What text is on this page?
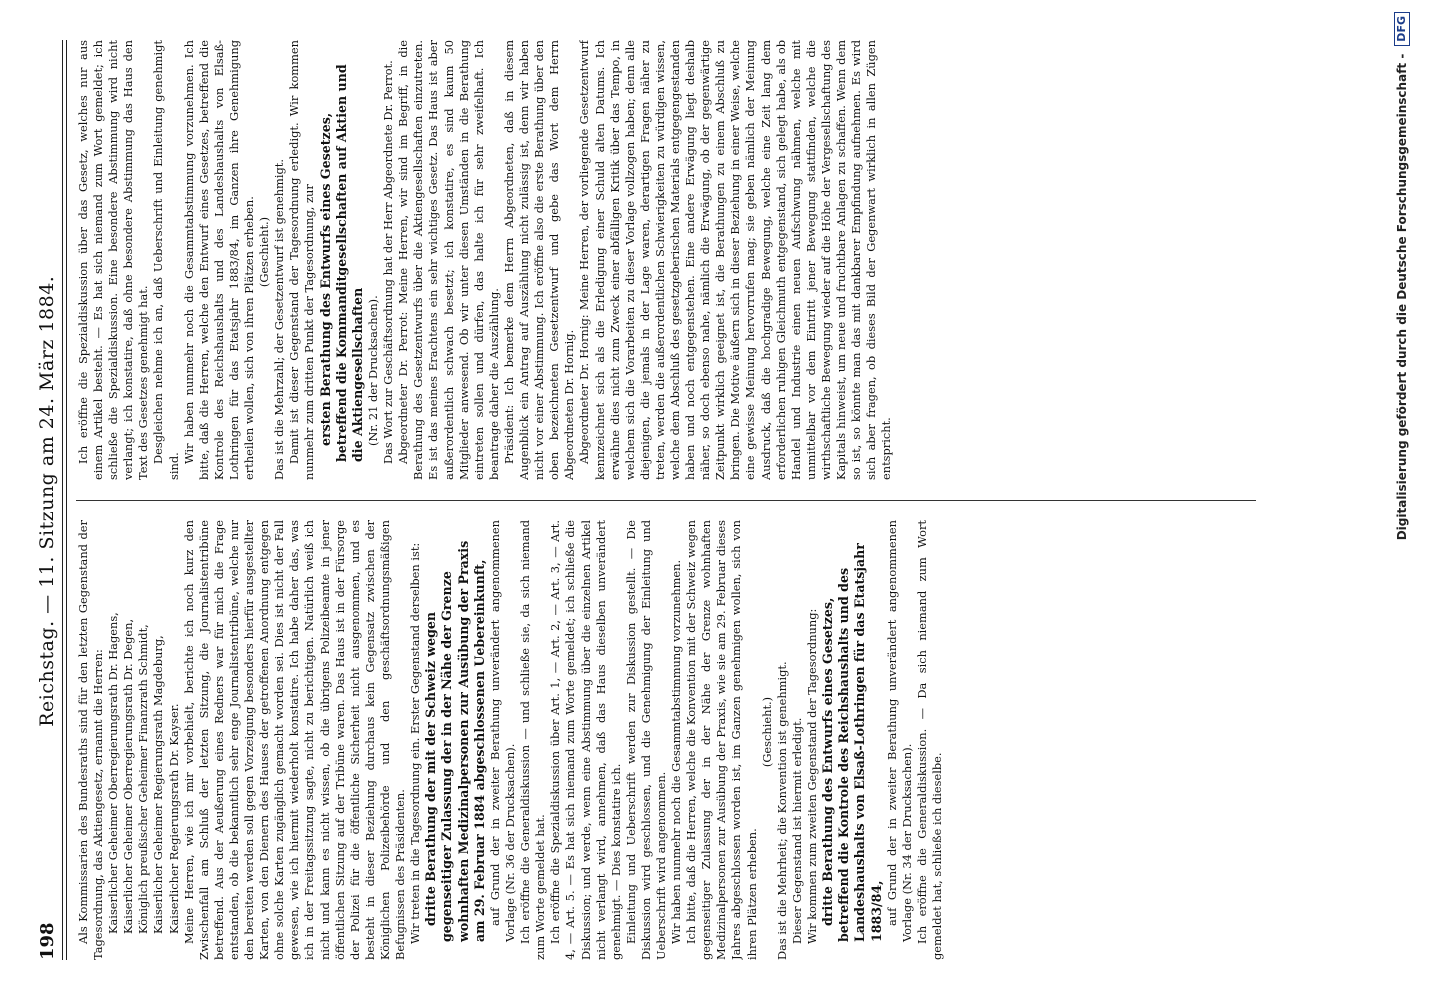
198
Reichstag. — 11. Sitzung am 24. März 1884.

Als Kommissarien des Bundesraths sind für den letzten Gegenstand der Tagesordnung, das Aktiengesetz, ernannt die Herren: Kaiserlicher Geheimer Oberregierungsrath Dr. Hagens, Kaiserlicher Geheimer Oberregierungsrath Dr. Degen, Königlich preußischer Geheimer Finanzrath Schmidt, Kaiserlicher Geheimer Regierungsrath Magdeburg, Kaiserlicher Regierungsrath Dr. Kayser. Meine Herren, wie ich mir vorbehielt, berichte ich noch kurz den Zwischenfall am Schluß der letzten Sitzung, die Journalistentribüne betreffend. Aus der Aeußerung eines Redners war für mich die Frage entstanden, ob die bekanntlich sehr enge Journalistentribüne, welche nur den bereiten werden soll gegen Vorzeigung besonders hierfür ausgestellter Karten, von den Dienern des Hauses der getroffenen Anordnung entgegen ohne solche Karten zugänglich gemacht worden sei. Dies ist nicht der Fall gewesen, wie ich hiermit wiederholt konstatire. Ich habe daher das, was ich in der Freitagssitzung sagte, nicht zu berichtigen. Natürlich weiß ich nicht und kann es nicht wissen, ob die übrigens Polizeibeamte in jener öffentlichen Sitzung auf der Tribüne waren. Das Haus ist in der Fürsorge der Polizei für die öffentliche Sicherheit nicht ausgenommen, und es besteht in dieser Beziehung durchaus kein Gegensatz zwischen der Königlichen Polizeibehörde und den geschäftsordnungsmäßigen Befugnissen des Präsidenten. Wir treten in die Tagesordnung ein. Erster Gegenstand derselben ist: dritte Berathung der mit der Schweiz wegen gegenseitiger Zulassung der in der Nähe der Grenze wohnhaften Medizinalpersonen zur Ausübung der Praxis am 29. Februar 1884 abgeschlossenen Uebereinkunft, auf Grund der in zweiter Berathung unverändert angenommenen Vorlage (Nr. 36 der Drucksachen). Ich eröffne die Generaldiskussion — und schließe sie, da sich niemand zum Worte gemeldet hat. Ich eröffne die Spezialdiskussion über Art. 1, — Art. 2, — Art. 3, — Art. 4, — Art. 5. — Es hat sich niemand zum Worte gemeldet; ich schließe die Diskussion; und werde, wenn eine Abstimmung über die einzelnen Artikel nicht verlangt wird, annehmen, daß das Haus dieselben unverändert genehmigt. — Dies konstatire ich. Einleitung und Ueberschrift werden zur Diskussion gestellt. — Die Diskussion wird geschlossen, und die Genehmigung der Einleitung und Ueberschrift wird angenommen. Wir haben nunmehr noch die Gesammtabstimmung vorzunehmen. Ich bitte, daß die Herren, welche die Konvention mit der Schweiz wegen gegenseitiger Zulassung der in der Nähe der Grenze wohnhaften Medizinalpersonen zur Ausübung der Praxis, wie sie am 29. Februar dieses Jahres abgeschlossen worden ist, im Ganzen genehmigen wollen, sich von ihren Plätzen erheben.

(Geschieht.) Das ist die Mehrheit; die Konvention ist genehmigt. Dieser Gegenstand ist hiermit erledigt. Wir kommen zum zweiten Gegenstand der Tagesordnung: dritte Berathung des Entwurfs eines Gesetzes, betreffend die Kontrole des Reichshaushalts und des Landeshaushalts von Elsaß-Lothringen für das Etatsjahr 1883/84, auf Grund der in zweiter Berathung unverändert angenommenen Vorlage (Nr. 34 der Drucksachen). Ich eröffne die Generaldiskussion. — Da sich niemand zum Wort gemeldet hat, schließe ich dieselbe.

Ich eröffne die Spezialdiskussion über das Gesetz, welches nur aus einem Artikel besteht. — Es hat sich niemand zum Wort gemeldet; ich schließe die Spezialdiskussion. Eine besondere Abstimmung wird nicht verlangt; ich konstatire, daß ohne besondere Abstimmung das Haus den Text des Gesetzes genehmigt hat. Desgleichen nehme ich an, daß Ueberschrift und Einleitung genehmigt sind.

Wir haben nunmehr noch die Gesammtabstimmung vorzunehmen. Ich bitte, daß die Herren, welche den Entwurf eines Gesetzes, betreffend die Kontrole des Reichshaushalts und des Landeshaushalts von Elsaß-Lothringen für das Etatsjahr 1883/84, im Ganzen ihre Genehmigung ertheilen wollen, sich von ihren Plätzen erheben. (Geschieht.) Das ist die Mehrzahl; der Gesetzentwurf ist genehmigt. Damit ist dieser Gegenstand der Tagesordnung erledigt. Wir kommen nunmehr zum dritten Punkt der Tagesordnung, zur ersten Berathung des Entwurfs eines Gesetzes, betreffend die Kommanditgesellschaften auf Aktien und die Aktiengesellschaften (Nr. 21 der Drucksachen). Das Wort zur Geschäftsordnung hat der Herr Abgeordnete Dr. Perrot. Abgeordneter Dr. Perrot: Meine Herren, wir sind im Begriff, in die Berathung des Gesetzentwurfs über die Aktiengesellschaften einzutreten. Es ist das meines Erachtens ein sehr wichtiges Gesetz. Das Haus ist aber außerordentlich schwach besetzt; ich konstatire, es sind kaum 50 Mitglieder anwesend. Ob wir unter diesen Umständen in die Berathung eintreten sollen und dürfen, das halte ich für sehr zweifelhaft. Ich beantrage daher die Auszählung. Präsident: Ich bemerke dem Herrn Abgeordneten, daß in diesem Augenblick ein Antrag auf Auszählung nicht zulässig ist, denn wir haben nicht vor einer Abstimmung. Ich eröffne also die erste Berathung über den oben bezeichneten Gesetzentwurf und gebe das Wort dem Herrn Abgeordneten Dr. Hornig. Abgeordneter Dr. Hornig: Meine Herren, der vorliegende Gesetzentwurf kennzeichnet sich als die Erledigung einer Schuld alten Datums. Ich erwähne dies nicht zum Zweck einer abfälligen Kritik über das Tempo, in welchem sich die Vorarbeiten zu dieser Vorlage vollzogen haben; denn alle diejenigen, die jemals in der Lage waren, derartigen Fragen näher zu treten, werden die außerordentlichen Schwierigkeiten zu würdigen wissen, welche dem Abschluß des gesetzgeberischen Materials entgegengestanden haben und noch entgegenstehen. Eine andere Erwägung liegt deshalb näher, so doch ebenso nahe, nämlich die Erwägung, ob der gegenwärtige Zeitpunkt wirklich geeignet ist, die Berathungen zu einem Abschluß zu bringen. Die Motive äußern sich in dieser Beziehung in einer Weise, welche eine gewisse Meinung hervorrufen mag; sie geben nämlich der Meinung Ausdruck, daß die hochgradige Bewegung, welche eine Zeit lang dem erforderlichen ruhigen Gleichmuth entgegenstand, sich gelegt habe, als ob Handel und Industrie einen neuen Aufschwung nähmen, welche mit unmittelbar vor dem Eintritt jener Bewegung stattfinden, welche die wirthschaftliche Bewegung wieder auf die Höhe der Vergesellschaftung des Kapitals hinweist, um neue und fruchtbare Anlagen zu schaffen. Wenn dem so ist, so könnte man das mit dankbarer Empfindung aufnehmen. Es wird sich aber fragen, ob dieses Bild der Gegenwart wirklich in allen Zügen entspricht.	Digitalisierung gefördert durch die Deutsche Forschungsgemeinschaft -
DFG
